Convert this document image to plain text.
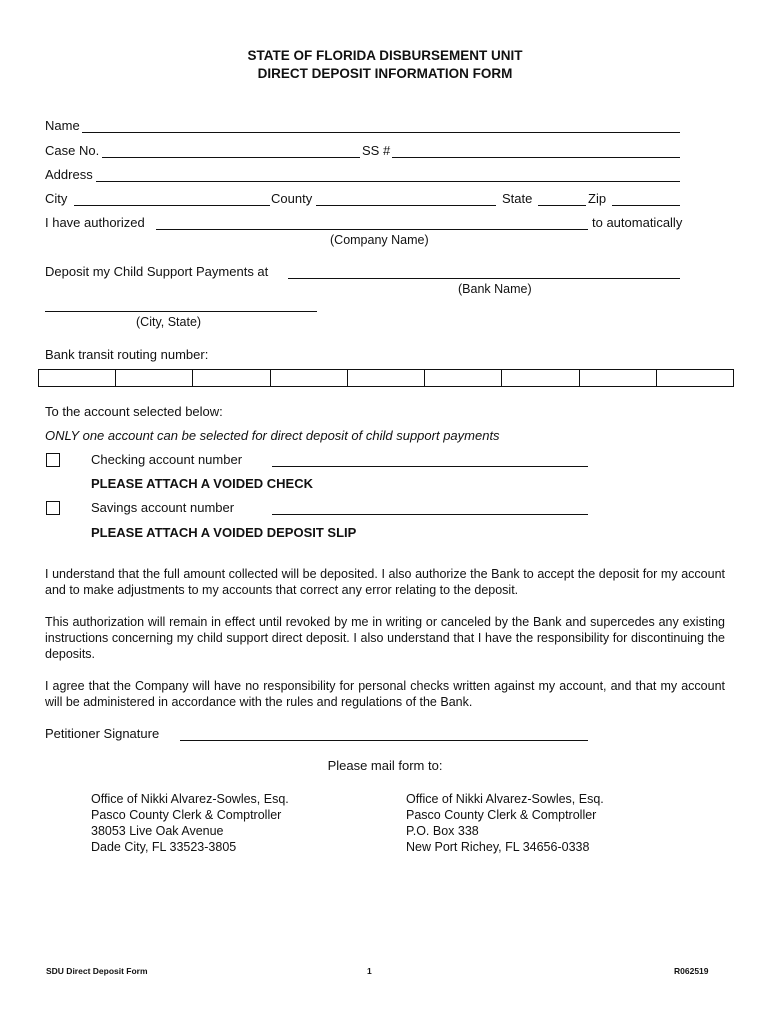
STATE OF FLORIDA DISBURSEMENT UNIT
DIRECT DEPOSIT INFORMATION FORM
Name
Case No.	SS #
Address
City	County	State	Zip
I have authorized	to automatically
(Company Name)
Deposit my Child Support Payments at
(Bank Name)
(City, State)
Bank transit routing number:
To the account selected below:
ONLY one account can be selected for direct deposit of child support payments
Checking account number
PLEASE ATTACH A VOIDED CHECK
Savings account number
PLEASE ATTACH A VOIDED DEPOSIT SLIP
I understand that the full amount collected will be deposited. I also authorize the Bank to accept the deposit for my account and to make adjustments to my accounts that correct any error relating to the deposit.
This authorization will remain in effect until revoked by me in writing or canceled by the Bank and supercedes any existing instructions concerning my child support direct deposit. I also understand that I have the responsibility for discontinuing the deposits.
I agree that the Company will have no responsibility for personal checks written against my account, and that my account will be administered in accordance with the rules and regulations of the Bank.
Petitioner Signature
Please mail form to:
Office of Nikki Alvarez-Sowles, Esq.
Pasco County Clerk & Comptroller
38053 Live Oak Avenue
Dade City, FL 33523-3805
Office of Nikki Alvarez-Sowles, Esq.
Pasco County Clerk & Comptroller
P.O. Box 338
New Port Richey, FL 34656-0338
SDU Direct Deposit Form	1	R062519
